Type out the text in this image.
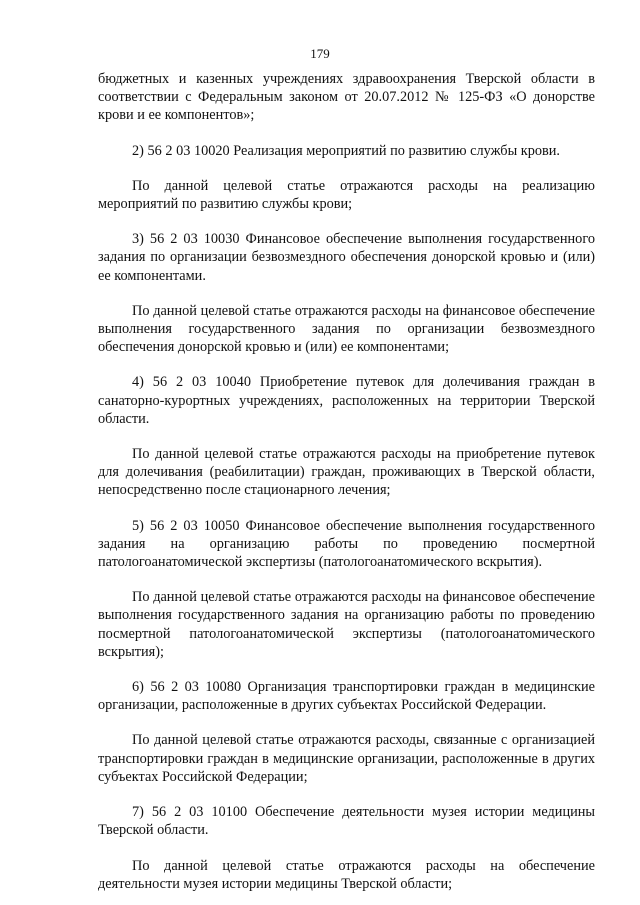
179

бюджетных и казенных учреждениях здравоохранения Тверской области в соответствии с Федеральным законом от 20.07.2012 № 125-ФЗ «О донорстве крови и ее компонентов»;

2) 56 2 03 10020 Реализация мероприятий по развитию службы крови.

По данной целевой статье отражаются расходы на реализацию мероприятий по развитию службы крови;

3) 56 2 03 10030 Финансовое обеспечение выполнения государственного задания по организации безвозмездного обеспечения донорской кровью и (или) ее компонентами.

По данной целевой статье отражаются расходы на финансовое обеспечение выполнения государственного задания по организации безвозмездного обеспечения донорской кровью и (или) ее компонентами;

4) 56 2 03 10040 Приобретение путевок для долечивания граждан в санаторно-курортных учреждениях, расположенных на территории Тверской области.

По данной целевой статье отражаются расходы на приобретение путевок для долечивания (реабилитации) граждан, проживающих в Тверской области, непосредственно после стационарного лечения;

5) 56 2 03 10050 Финансовое обеспечение выполнения государственного задания на организацию работы по проведению посмертной патологоанатомической экспертизы (патологоанатомического вскрытия).

По данной целевой статье отражаются расходы на финансовое обеспечение выполнения государственного задания на организацию работы по проведению посмертной патологоанатомической экспертизы (патологоанатомического вскрытия);

6) 56 2 03 10080 Организация транспортировки граждан в медицинские организации, расположенные в других субъектах Российской Федерации.

По данной целевой статье отражаются расходы, связанные с организацией транспортировки граждан в медицинские организации, расположенные в других субъектах Российской Федерации;

7) 56 2 03 10100 Обеспечение деятельности музея истории медицины Тверской области.

По данной целевой статье отражаются расходы на обеспечение деятельности музея истории медицины Тверской области;
